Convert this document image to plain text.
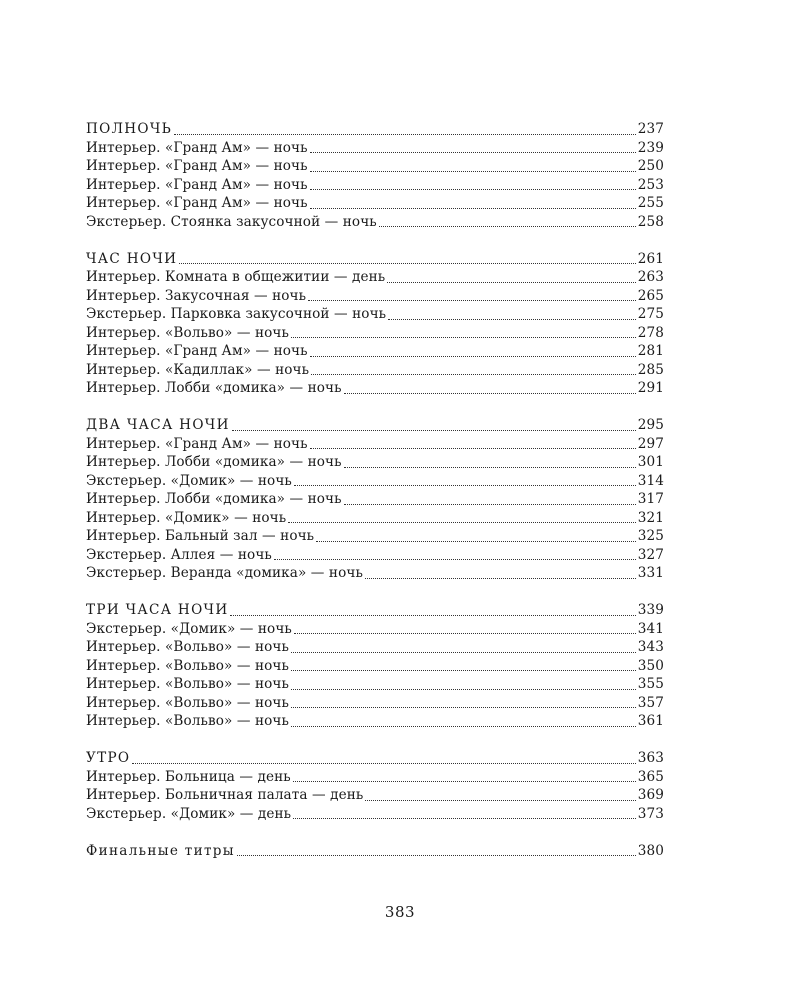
ПОЛНОЧЬ	237
Интерьер. «Гранд Ам» — ночь	239
Интерьер. «Гранд Ам» — ночь	250
Интерьер. «Гранд Ам» — ночь	253
Интерьер. «Гранд Ам» — ночь	255
Экстерьер. Стоянка закусочной — ночь	258
ЧАС НОЧИ	261
Интерьер. Комната в общежитии — день	263
Интерьер. Закусочная — ночь	265
Экстерьер. Парковка закусочной — ночь	275
Интерьер. «Вольво» — ночь	278
Интерьер. «Гранд Ам» — ночь	281
Интерьер. «Кадиллак» — ночь	285
Интерьер. Лобби «домика» — ночь	291
ДВА ЧАСА НОЧИ	295
Интерьер. «Гранд Ам» — ночь	297
Интерьер. Лобби «домика» — ночь	301
Экстерьер. «Домик» — ночь	314
Интерьер. Лобби «домика» — ночь	317
Интерьер. «Домик» — ночь	321
Интерьер. Бальный зал — ночь	325
Экстерьер. Аллея — ночь	327
Экстерьер. Веранда «домика» — ночь	331
ТРИ ЧАСА НОЧИ	339
Экстерьер. «Домик» — ночь	341
Интерьер. «Вольво» — ночь	343
Интерьер. «Вольво» — ночь	350
Интерьер. «Вольво» — ночь	355
Интерьер. «Вольво» — ночь	357
Интерьер. «Вольво» — ночь	361
УТРО	363
Интерьер. Больница — день	365
Интерьер. Больничная палата — день	369
Экстерьер. «Домик» — день	373
Финальные титры	380
383
